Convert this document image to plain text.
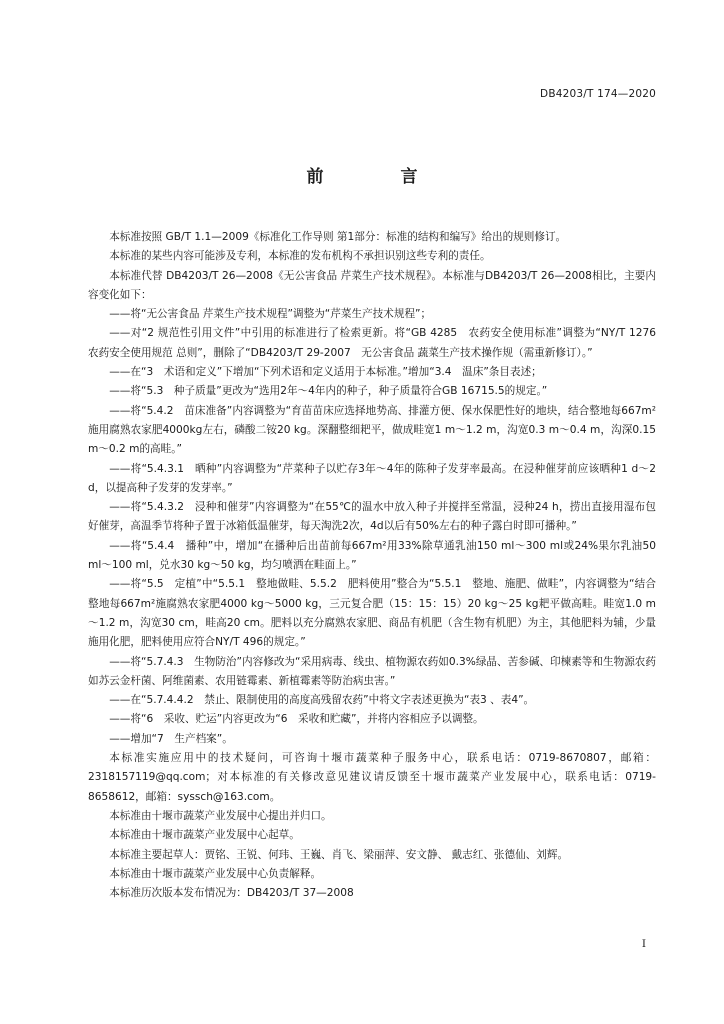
DB4203/T 174—2020
前　言

本标准按照 GB/T 1.1—2009《标准化工作导则 第1部分：标准的结构和编写》给出的规则修订。

本标准的某些内容可能涉及专利，本标准的发布机构不承担识别这些专利的责任。

本标准代替 DB4203/T 26—2008《无公害食品 芹菜生产技术规程》。本标准与DB4203/T 26—2008相比，主要内容变化如下：

——将“无公害食品 芹菜生产技术规程”调整为“芹菜生产技术规程”；

——对“2 规范性引用文件”中引用的标准进行了检索更新。将“GB 4285　农药安全使用标准”调整为“NY/T 1276　农药安全使用规范 总则”，删除了“DB4203/T 29-2007　无公害食品 蔬菜生产技术操作规（需重新修订）。”

——在“3　术语和定义”下增加“下列术语和定义适用于本标准。”增加“3.4　温床”条目表述；

——将“5.3　种子质量”更改为“选用2年～4年内的种子，种子质量符合GB 16715.5的规定。”

——将“5.4.2　苗床准备”内容调整为“育苗苗床应选择地势高、排灌方便、保水保肥性好的地块，结合整地每667m²施用腐熟农家肥4000kg左右，磷酸二铵20 kg。深翻整细耙平，做成畦宽1 m～1.2 m，沟宽0.3 m～0.4 m，沟深0.15 m～0.2 m的高畦。”

——将“5.4.3.1　晒种”内容调整为“芹菜种子以贮存3年～4年的陈种子发芽率最高。在浸种催芽前应该晒种1 d～2 d，以提高种子发芽的发芽率。”

——将“5.4.3.2　浸种和催芽”内容调整为“在55℃的温水中放入种子并搅拌至常温，浸种24 h，捞出直接用湿布包好催芽，高温季节将种子置于冰箱低温催芽，每天淘洗2次，4d以后有50%左右的种子露白时即可播种。”

——将“5.4.4　播种”中，增加“在播种后出苗前每667m²用33%除草通乳油150 ml～300 ml或24%果尔乳油50 ml～100 ml，兑水30 kg～50 kg，均匀喷洒在畦面上。”

——将“5.5　定植”中“5.5.1　整地做畦、5.5.2　肥料使用”整合为“5.5.1　整地、施肥、做畦”，内容调整为“结合整地每667m²施腐熟农家肥4000 kg～5000 kg，三元复合肥（15：15：15）20 kg～25 kg耙平做高畦。畦宽1.0 m～1.2 m，沟宽30 cm，畦高20 cm。肥料以充分腐熟农家肥、商品有机肥（含生物有机肥）为主，其他肥料为辅，少量施用化肥，肥料使用应符合NY/T 496的规定。”

——将“5.7.4.3　生物防治”内容修改为“采用病毒、线虫、植物源农药如0.3%绿晶、苦参碱、印楝素等和生物源农药如苏云金杆菌、阿维菌素、农用链霉素、新植霉素等防治病虫害。”

——在“5.7.4.4.2　禁止、限制使用的高度高残留农药”中将文字表述更换为“表3 、表4”。

——将“6　采收、贮运”内容更改为“6　采收和贮藏”，并将内容相应予以调整。

——增加“7　生产档案”。

本标准实施应用中的技术疑问，可咨询十堰市蔬菜种子服务中心，联系电话：0719-8670807，邮箱：2318157119@qq.com；对本标准的有关修改意见建议请反馈至十堰市蔬菜产业发展中心，联系电话：0719-8658612，邮箱：syssch@163.com。

本标准由十堰市蔬菜产业发展中心提出并归口。

本标准由十堰市蔬菜产业发展中心起草。

本标准主要起草人：贾铭、王锐、何玮、王巍、肖飞、梁丽萍、安文静、 戴志红、张德仙、刘辉。

本标准由十堰市蔬菜产业发展中心负责解释。

本标准历次版本发布情况为：DB4203/T 37—2008

I
